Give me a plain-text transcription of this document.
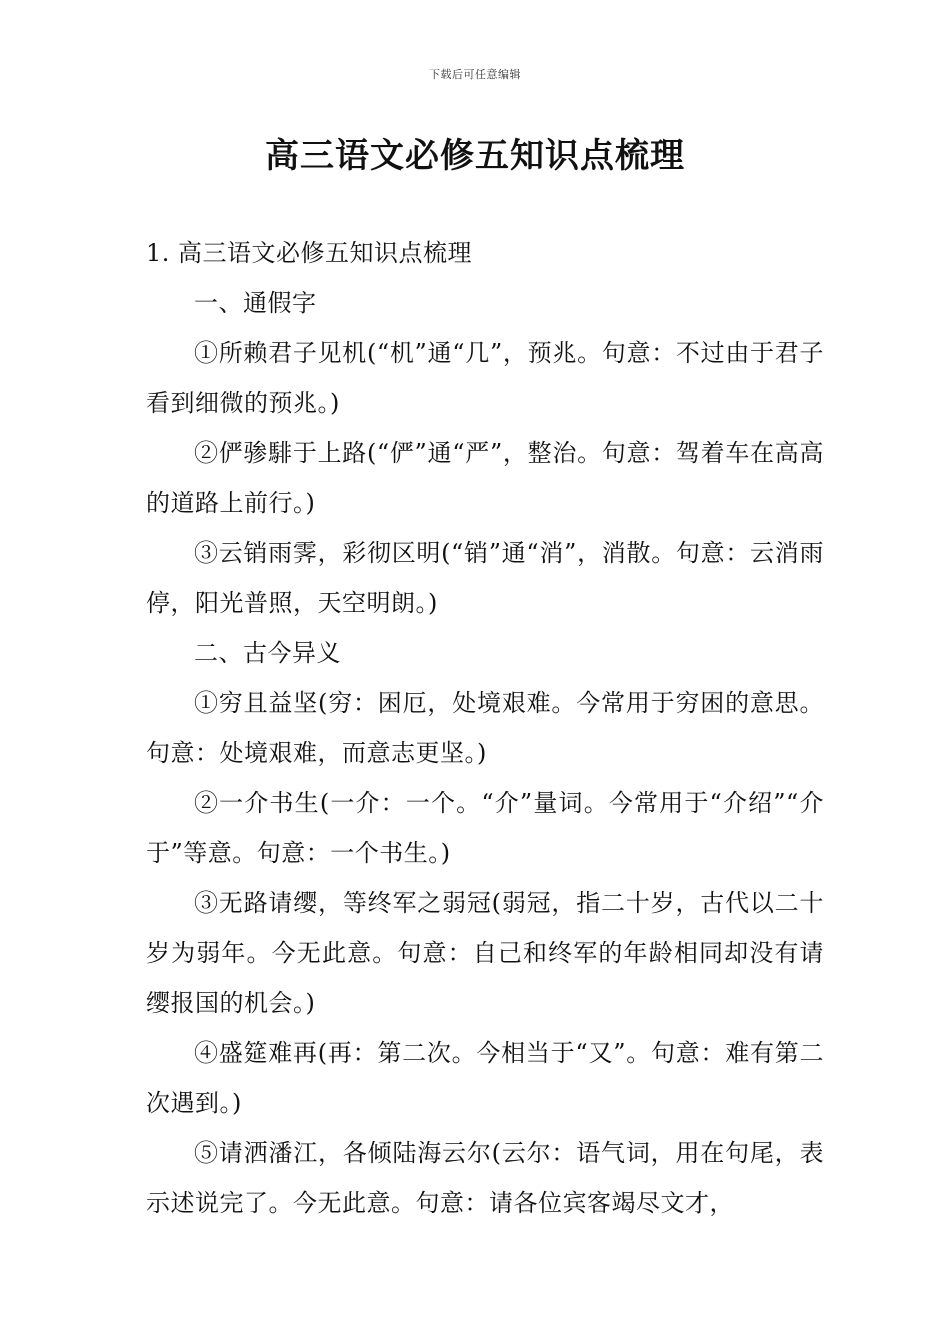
下载后可任意编辑
高三语文必修五知识点梳理

1. 高三语文必修五知识点梳理

一、通假字

①所赖君子见机(“机”通“几”，预兆。句意：不过由于君子看到细微的预兆。)

②俨骖騑于上路(“俨”通“严”，整治。句意：驾着车在高高的道路上前行。)

③云销雨霁，彩彻区明(“销”通“消”，消散。句意：云消雨停，阳光普照，天空明朗。)

二、古今异义

①穷且益坚(穷：困厄，处境艰难。今常用于穷困的意思。句意：处境艰难，而意志更坚。)

②一介书生(一介：一个。“介”量词。今常用于“介绍”“介于”等意。句意：一个书生。)

③无路请缨，等终军之弱冠(弱冠，指二十岁，古代以二十岁为弱年。今无此意。句意：自己和终军的年龄相同却没有请缨报国的机会。)

④盛筵难再(再：第二次。今相当于“又”。句意：难有第二次遇到。)

⑤请洒潘江，各倾陆海云尔(云尔：语气词，用在句尾，表示述说完了。今无此意。句意：请各位宾客竭尽文才，
